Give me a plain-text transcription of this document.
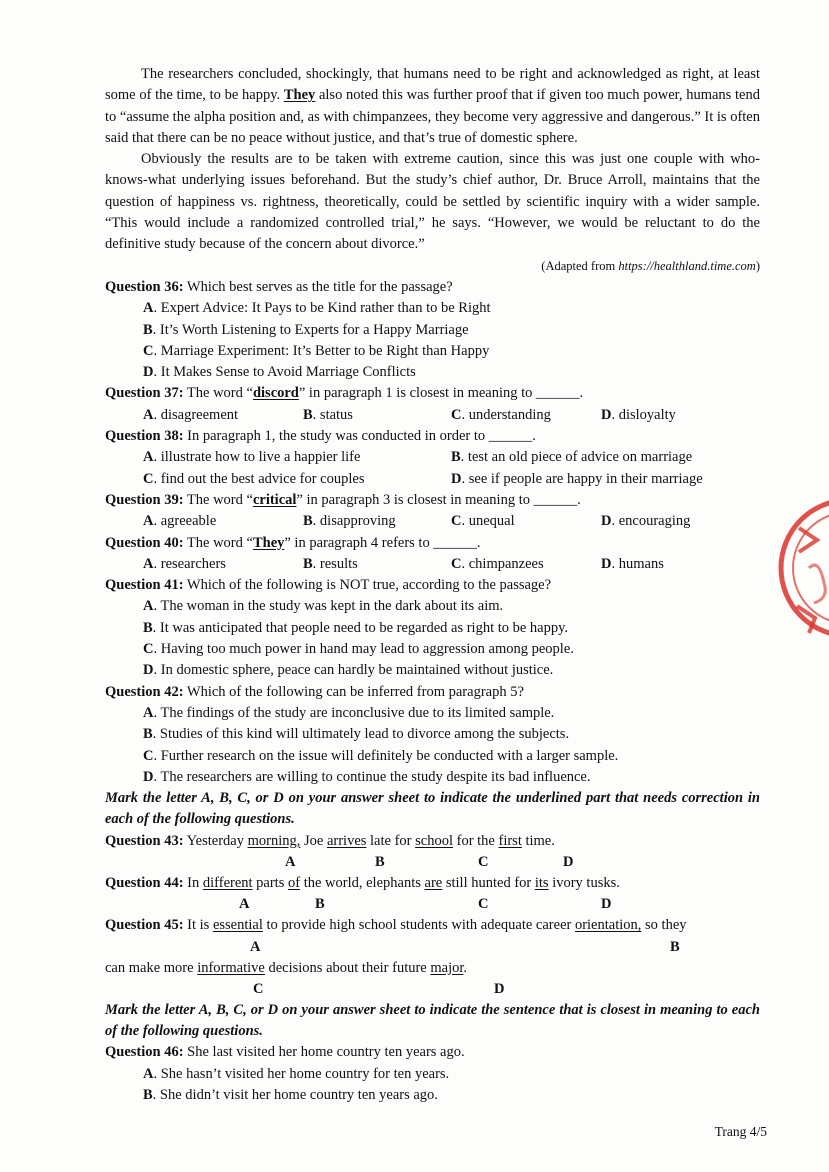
The researchers concluded, shockingly, that humans need to be right and acknowledged as right, at least some of the time, to be happy. They also noted this was further proof that if given too much power, humans tend to “assume the alpha position and, as with chimpanzees, they become very aggressive and dangerous.” It is often said that there can be no peace without justice, and that’s true of domestic sphere.

Obviously the results are to be taken with extreme caution, since this was just one couple with who-knows-what underlying issues beforehand. But the study’s chief author, Dr. Bruce Arroll, maintains that the question of happiness vs. rightness, theoretically, could be settled by scientific inquiry with a wider sample. “This would include a randomized controlled trial,” he says. “However, we would be reluctant to do the definitive study because of the concern about divorce.”

(Adapted from https://healthland.time.com)

Question 36: Which best serves as the title for the passage?

A. Expert Advice: It Pays to be Kind rather than to be Right

B. It’s Worth Listening to Experts for a Happy Marriage

C. Marriage Experiment: It’s Better to be Right than Happy

D. It Makes Sense to Avoid Marriage Conflicts

Question 37: The word “discord” in paragraph 1 is closest in meaning to ______.

A. disagreement	B. status	C. understanding	D. disloyalty

Question 38: In paragraph 1, the study was conducted in order to ______.

A. illustrate how to live a happier life	B. test an old piece of advice on marriage
C. find out the best advice for couples	D. see if people are happy in their marriage

Question 39: The word “critical” in paragraph 3 is closest in meaning to ______.

A. agreeable	B. disapproving	C. unequal	D. encouraging

Question 40: The word “They” in paragraph 4 refers to ______.

A. researchers	B. results	C. chimpanzees	D. humans

Question 41: Which of the following is NOT true, according to the passage?

A. The woman in the study was kept in the dark about its aim.

B. It was anticipated that people need to be regarded as right to be happy.

C. Having too much power in hand may lead to aggression among people.

D. In domestic sphere, peace can hardly be maintained without justice.

Question 42: Which of the following can be inferred from paragraph 5?

A. The findings of the study are inconclusive due to its limited sample.

B. Studies of this kind will ultimately lead to divorce among the subjects.

C. Further research on the issue will definitely be conducted with a larger sample.

D. The researchers are willing to continue the study despite its bad influence.

Mark the letter A, B, C, or D on your answer sheet to indicate the underlined part that needs correction in each of the following questions.

Question 43: Yesterday morning, Joe arrives late for school for the first time.

A	B	C	D

Question 44: In different parts of the world, elephants are still hunted for its ivory tusks.

A	B	C	D

Question 45: It is essential to provide high school students with adequate career orientation, so they

A	B

can make more informative decisions about their future major.

C	D

Mark the letter A, B, C, or D on your answer sheet to indicate the sentence that is closest in meaning to each of the following questions.

Question 46: She last visited her home country ten years ago.

A. She hasn’t visited her home country for ten years.

B. She didn’t visit her home country ten years ago.

Trang 4/5
